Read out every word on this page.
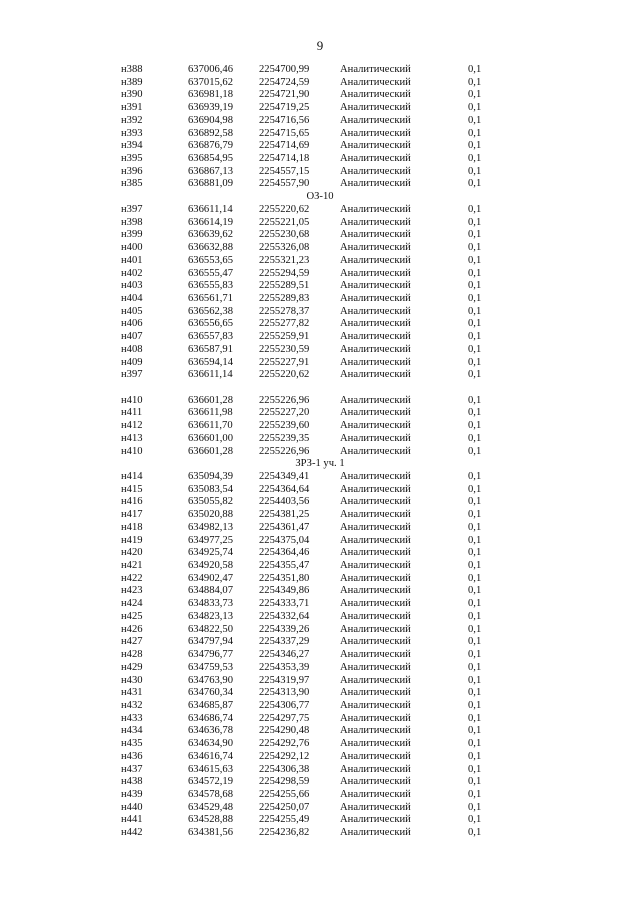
9
н388	637006,46 2254700,99	Аналитический	0,1
н389	637015,62 2254724,59	Аналитический	0,1
н390	636981,18 2254721,90	Аналитический	0,1
н391	636939,19 2254719,25	Аналитический	0,1
н392	636904,98 2254716,56	Аналитический	0,1
н393	636892,58 2254715,65	Аналитический	0,1
н394	636876,79 2254714,69	Аналитический	0,1
н395	636854,95 2254714,18	Аналитический	0,1
н396	636867,13 2254557,15	Аналитический	0,1
н385	636881,09 2254557,90	Аналитический	0,1
ОЗ-10
н397	636611,14 2255220,62	Аналитический	0,1
н398	636614,19 2255221,05	Аналитический	0,1
н399	636639,62 2255230,68	Аналитический	0,1
н400	636632,88 2255326,08	Аналитический	0,1
н401	636553,65 2255321,23	Аналитический	0,1
н402	636555,47 2255294,59	Аналитический	0,1
н403	636555,83 2255289,51	Аналитический	0,1
н404	636561,71 2255289,83	Аналитический	0,1
н405	636562,38 2255278,37	Аналитический	0,1
н406	636556,65 2255277,82	Аналитический	0,1
н407	636557,83 2255259,91	Аналитический	0,1
н408	636587,91 2255230,59	Аналитический	0,1
н409	636594,14 2255227,91	Аналитический	0,1
н397	636611,14 2255220,62	Аналитический	0,1
н410	636601,28 2255226,96	Аналитический	0,1
н411	636611,98 2255227,20	Аналитический	0,1
н412	636611,70 2255239,60	Аналитический	0,1
н413	636601,00 2255239,35	Аналитический	0,1
н410	636601,28 2255226,96	Аналитический	0,1
ЗРЗ-1 уч. 1
н414	635094,39 2254349,41	Аналитический	0,1
н415	635083,54 2254364,64	Аналитический	0,1
н416	635055,82 2254403,56	Аналитический	0,1
н417	635020,88 2254381,25	Аналитический	0,1
н418	634982,13 2254361,47	Аналитический	0,1
н419	634977,25 2254375,04	Аналитический	0,1
н420	634925,74 2254364,46	Аналитический	0,1
н421	634920,58 2254355,47	Аналитический	0,1
н422	634902,47 2254351,80	Аналитический	0,1
н423	634884,07 2254349,86	Аналитический	0,1
н424	634833,73 2254333,71	Аналитический	0,1
н425	634823,13 2254332,64	Аналитический	0,1
н426	634822,50 2254339,26	Аналитический	0,1
н427	634797,94 2254337,29	Аналитический	0,1
н428	634796,77 2254346,27	Аналитический	0,1
н429	634759,53 2254353,39	Аналитический	0,1
н430	634763,90 2254319,97	Аналитический	0,1
н431	634760,34 2254313,90	Аналитический	0,1
н432	634685,87 2254306,77	Аналитический	0,1
н433	634686,74 2254297,75	Аналитический	0,1
н434	634636,78 2254290,48	Аналитический	0,1
н435	634634,90 2254292,76	Аналитический	0,1
н436	634616,74 2254292,12	Аналитический	0,1
н437	634615,63 2254306,38	Аналитический	0,1
н438	634572,19 2254298,59	Аналитический	0,1
н439	634578,68 2254255,66	Аналитический	0,1
н440	634529,48 2254250,07	Аналитический	0,1
н441	634528,88 2254255,49	Аналитический	0,1
н442	634381,56 2254236,82	Аналитический	0,1
